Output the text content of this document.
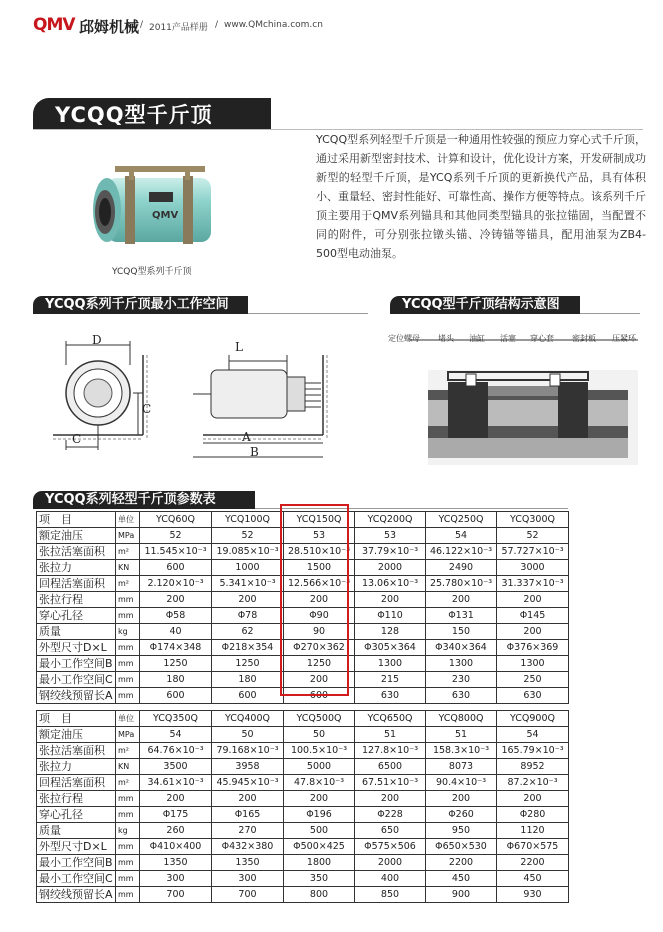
QMV 邱姆机械 / 2011产品样册 / www.QMchina.com.cn
YCQQ型千斤顶
QMV
YCQQ型系列千斤顶
YCQQ型系列轻型千斤顶是一种通用性较强的预应力穿心式千斤顶，通过采用新型密封技术、计算和设计，优化设计方案，开发研制成功新型的轻型千斤顶，是YCQ系列千斤顶的更新换代产品，具有体积小、重量轻、密封性能好、可靠性高、操作方便等特点。该系列千斤顶主要用于QMV系列锚具和其他同类型锚具的张拉锚固，当配置不同的附件，可分别张拉镦头锚、冷铸锚等锚具，配用油泵为ZB4-500型电动油泵。
YCQQ系列千斤顶最小工作空间	YCQQ型千斤顶结构示意图
D
C
C
L
A
B
定位螺母 堵头 油缸 活塞 穿心套 密封板 压紧环
YCQQ系列轻型千斤顶参数表
项　目	单位	YCQ60Q	YCQ100Q	YCQ150Q	YCQ200Q	YCQ250Q	YCQ300Q
额定油压	MPa	52	52	53	53	54	52
张拉活塞面积	m²	11.545×10⁻³	19.085×10⁻³	28.510×10⁻³	37.79×10⁻³	46.122×10⁻³	57.727×10⁻³
张拉力	KN	600	1000	1500	2000	2490	3000
回程活塞面积	m²	2.120×10⁻³	5.341×10⁻³	12.566×10⁻³	13.06×10⁻³	25.780×10⁻³	31.337×10⁻³
张拉行程	mm	200	200	200	200	200	200
穿心孔径	mm	Φ58	Φ78	Φ90	Φ110	Φ131	Φ145
质量	kg	40	62	90	128	150	200
外型尺寸D×L	mm	Φ174×348	Φ218×354	Φ270×362	Φ305×364	Φ340×364	Φ376×369
最小工作空间B	mm	1250	1250	1250	1300	1300	1300
最小工作空间C	mm	180	180	200	215	230	250
钢绞线预留长A	mm	600	600	600	630	630	630
项　目	单位	YCQ350Q	YCQ400Q	YCQ500Q	YCQ650Q	YCQ800Q	YCQ900Q
额定油压	MPa	54	50	50	51	51	54
张拉活塞面积	m²	64.76×10⁻³	79.168×10⁻³	100.5×10⁻³	127.8×10⁻³	158.3×10⁻³	165.79×10⁻³
张拉力	KN	3500	3958	5000	6500	8073	8952
回程活塞面积	m²	34.61×10⁻³	45.945×10⁻³	47.8×10⁻³	67.51×10⁻³	90.4×10⁻³	87.2×10⁻³
张拉行程	mm	200	200	200	200	200	200
穿心孔径	mm	Φ175	Φ165	Φ196	Φ228	Φ260	Φ280
质量	kg	260	270	500	650	950	1120
外型尺寸D×L	mm	Φ410×400	Φ432×380	Φ500×425	Φ575×506	Φ650×530	Φ670×575
最小工作空间B	mm	1350	1350	1800	2000	2200	2200
最小工作空间C	mm	300	300	350	400	450	450
钢绞线预留长A	mm	700	700	800	850	900	930
